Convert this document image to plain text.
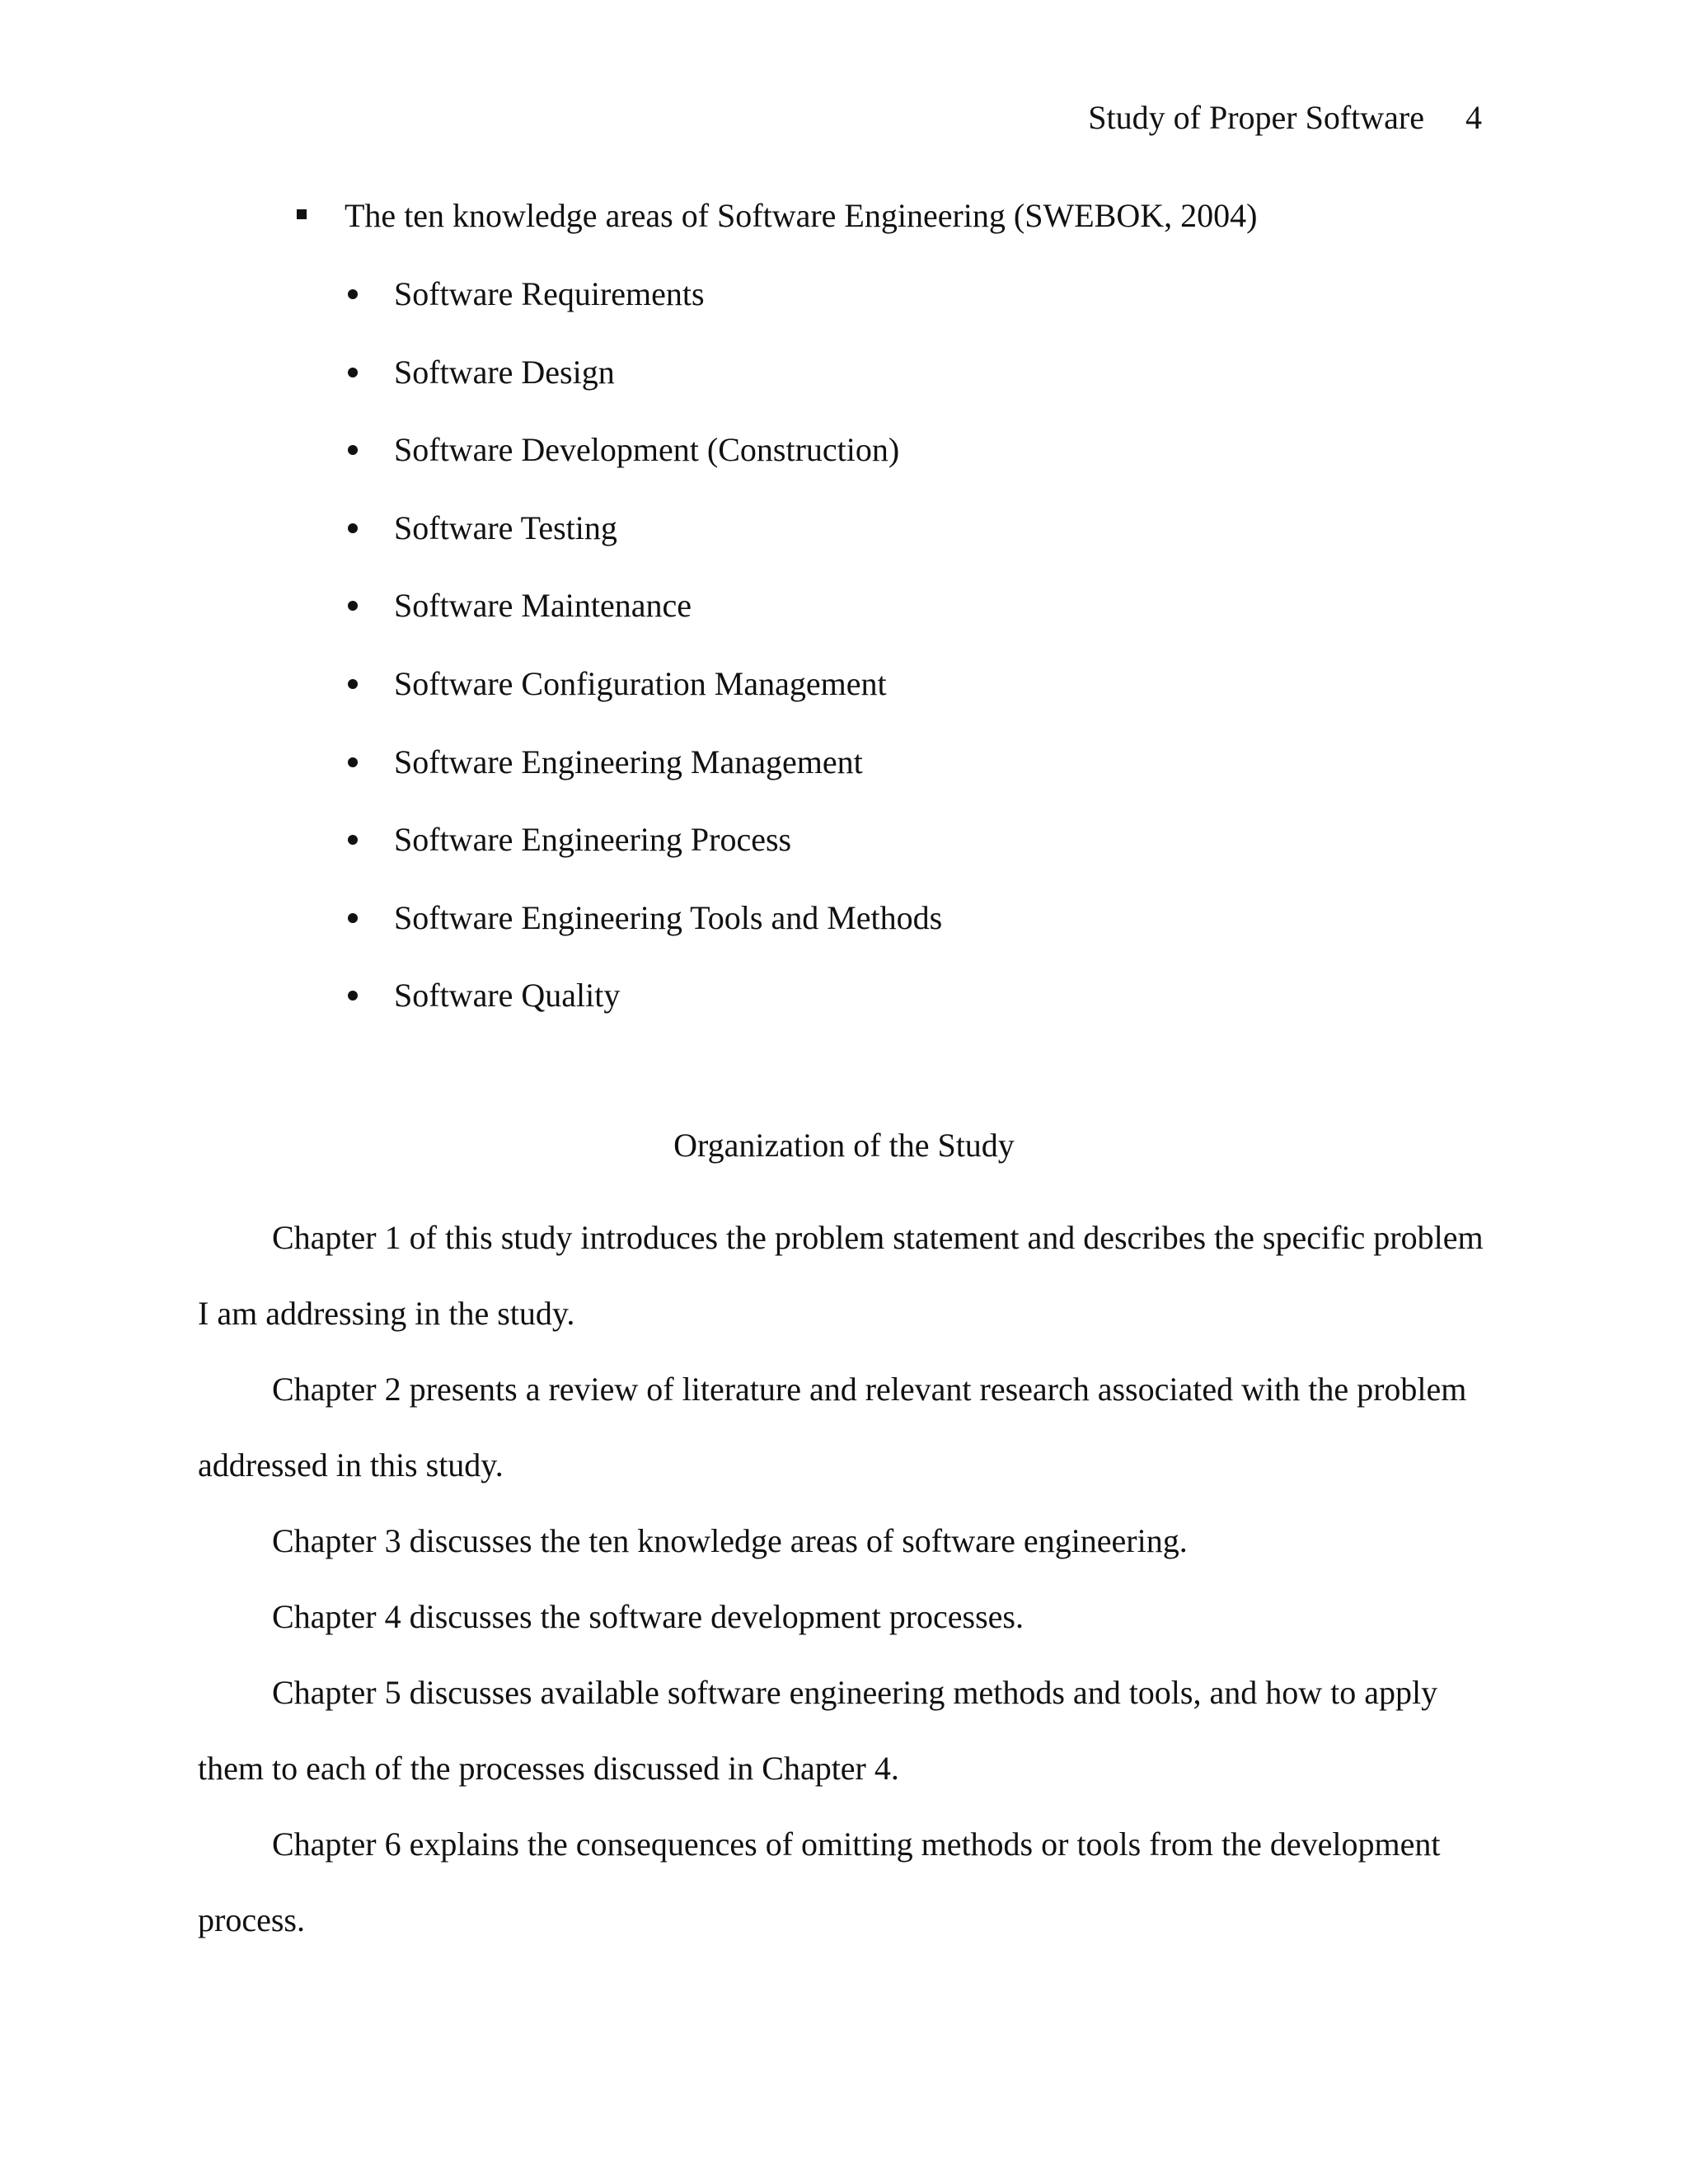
Study of Proper Software 4
The ten knowledge areas of Software Engineering (SWEBOK, 2004)
Software Requirements
Software Design
Software Development (Construction)
Software Testing
Software Maintenance
Software Configuration Management
Software Engineering Management
Software Engineering Process
Software Engineering Tools and Methods
Software Quality
Organization of the Study

Chapter 1 of this study introduces the problem statement and describes the specific problem I am addressing in the study.

Chapter 2 presents a review of literature and relevant research associated with the problem addressed in this study.

Chapter 3 discusses the ten knowledge areas of software engineering.

Chapter 4 discusses the software development processes.

Chapter 5 discusses available software engineering methods and tools, and how to apply them to each of the processes discussed in Chapter 4.

Chapter 6 explains the consequences of omitting methods or tools from the development process.
